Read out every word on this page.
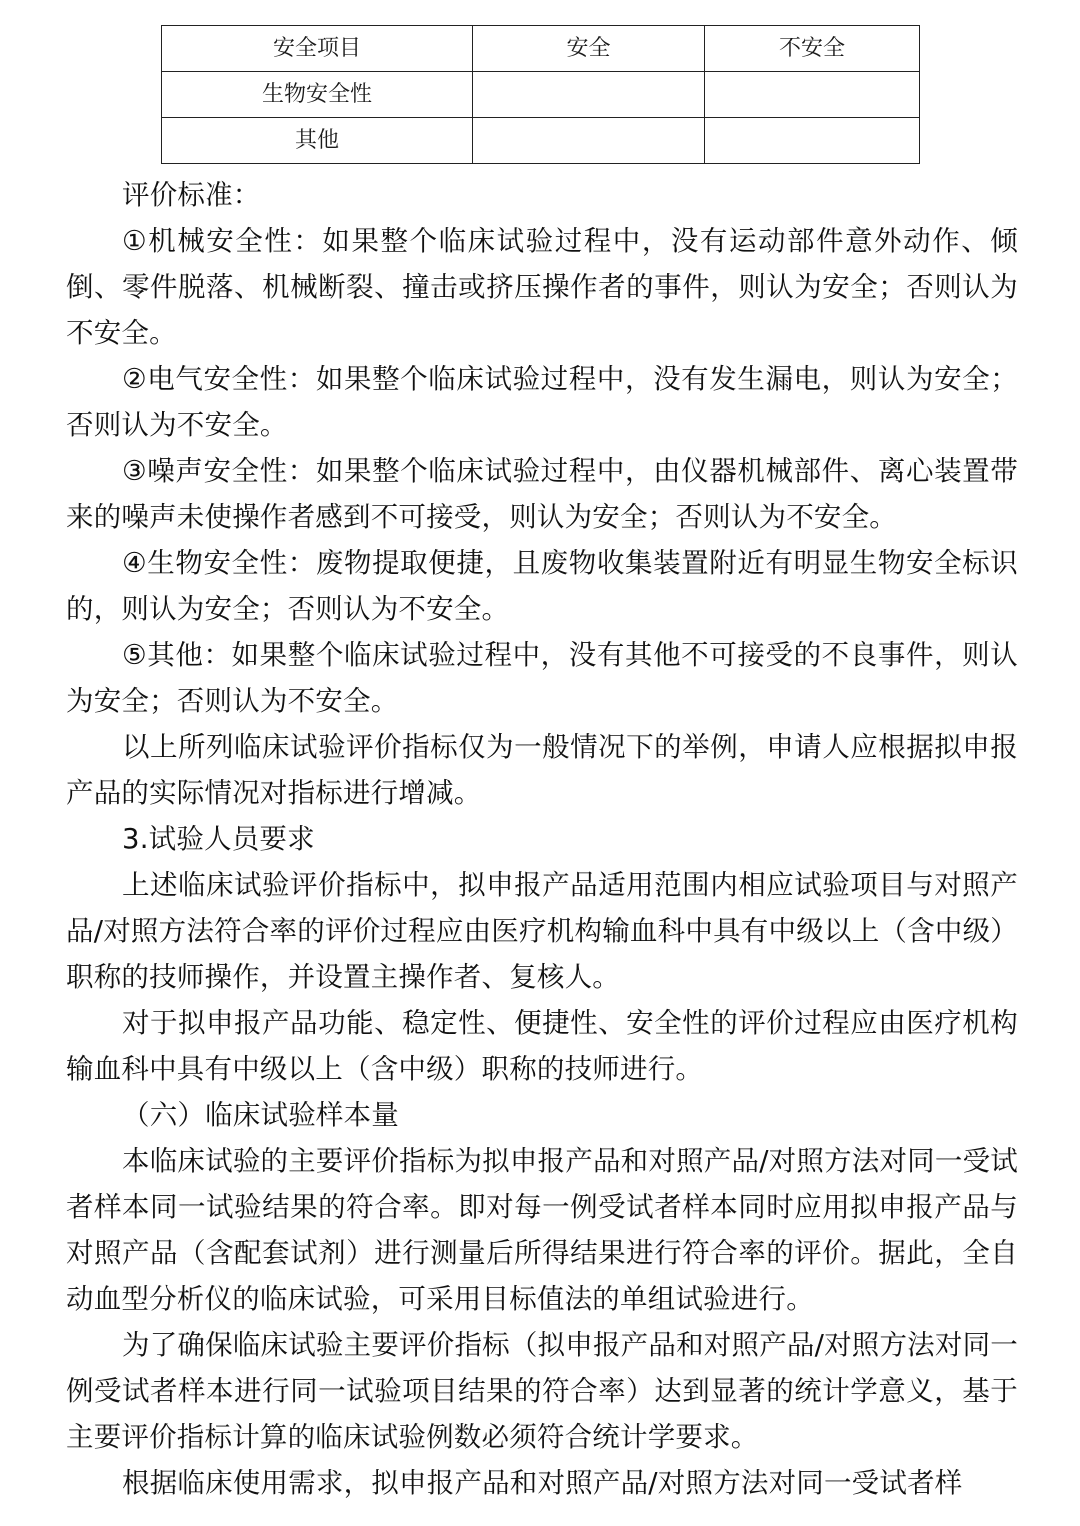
安全项目	安全	不安全
生物安全性		
其他		

评价标准：

①机械安全性：如果整个临床试验过程中，没有运动部件意外动作、倾倒、零件脱落、机械断裂、撞击或挤压操作者的事件，则认为安全；否则认为不安全。

②电气安全性：如果整个临床试验过程中，没有发生漏电，则认为安全；否则认为不安全。

③噪声安全性：如果整个临床试验过程中，由仪器机械部件、离心装置带来的噪声未使操作者感到不可接受，则认为安全；否则认为不安全。

④生物安全性：废物提取便捷，且废物收集装置附近有明显生物安全标识的，则认为安全；否则认为不安全。

⑤其他：如果整个临床试验过程中，没有其他不可接受的不良事件，则认为安全；否则认为不安全。

以上所列临床试验评价指标仅为一般情况下的举例，申请人应根据拟申报产品的实际情况对指标进行增减。

3.试验人员要求

上述临床试验评价指标中，拟申报产品适用范围内相应试验项目与对照产品/对照方法符合率的评价过程应由医疗机构输血科中具有中级以上（含中级）职称的技师操作，并设置主操作者、复核人。

对于拟申报产品功能、稳定性、便捷性、安全性的评价过程应由医疗机构输血科中具有中级以上（含中级）职称的技师进行。

（六）临床试验样本量

本临床试验的主要评价指标为拟申报产品和对照产品/对照方法对同一受试者样本同一试验结果的符合率。即对每一例受试者样本同时应用拟申报产品与对照产品（含配套试剂）进行测量后所得结果进行符合率的评价。据此，全自动血型分析仪的临床试验，可采用目标值法的单组试验进行。

为了确保临床试验主要评价指标（拟申报产品和对照产品/对照方法对同一例受试者样本进行同一试验项目结果的符合率）达到显著的统计学意义，基于主要评价指标计算的临床试验例数必须符合统计学要求。

根据临床使用需求，拟申报产品和对照产品/对照方法对同一受试者样
